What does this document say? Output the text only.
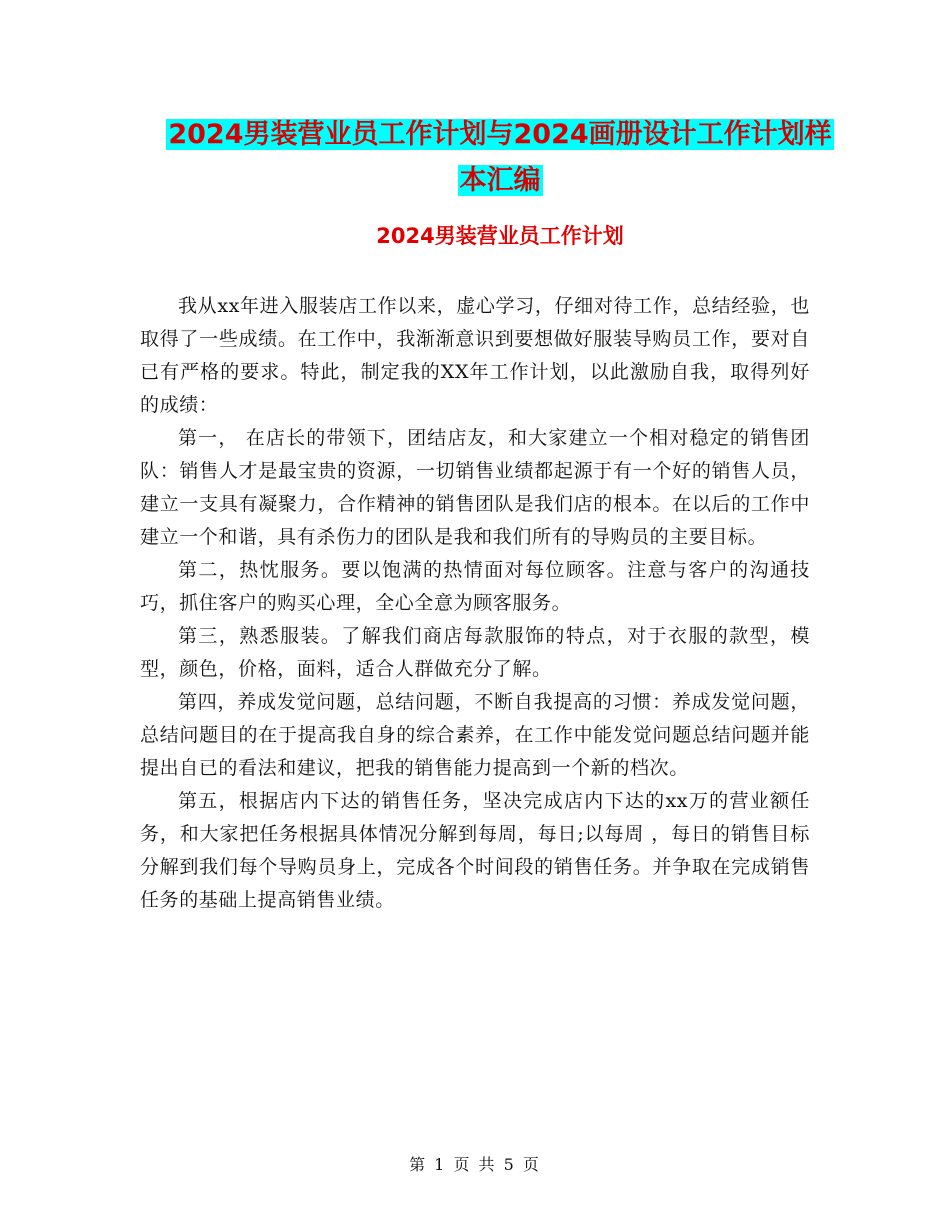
2024男装营业员工作计划与2024画册设计工作计划样
本汇编
2024男装营业员工作计划

我从xx年进入服装店工作以来，虚心学习，仔细对待工作，总结经验，也取得了一些成绩。在工作中，我渐渐意识到要想做好服装导购员工作，要对自已有严格的要求。特此，制定我的XX年工作计划，以此激励自我，取得列好的成绩：

第一， 在店长的带领下，团结店友，和大家建立一个相对稳定的销售团队：销售人才是最宝贵的资源，一切销售业绩都起源于有一个好的销售人员，建立一支具有凝聚力，合作精神的销售团队是我们店的根本。在以后的工作中建立一个和谐，具有杀伤力的团队是我和我们所有的导购员的主要目标。

第二，热忱服务。要以饱满的热情面对每位顾客。注意与客户的沟通技巧，抓住客户的购买心理，全心全意为顾客服务。

第三，熟悉服装。了解我们商店每款服饰的特点，对于衣服的款型，模型，颜色，价格，面料，适合人群做充分了解。

第四，养成发觉问题，总结问题，不断自我提高的习惯：养成发觉问题，总结问题目的在于提高我自身的综合素养，在工作中能发觉问题总结问题并能提出自已的看法和建议，把我的销售能力提高到一个新的档次。

第五，根据店内下达的销售任务，坚决完成店内下达的xx万的营业额任务，和大家把任务根据具体情况分解到每周，每日;以每周 ，每日的销售目标分解到我们每个导购员身上，完成各个时间段的销售任务。并争取在完成销售任务的基础上提高销售业绩。

第 1 页 共 5 页
